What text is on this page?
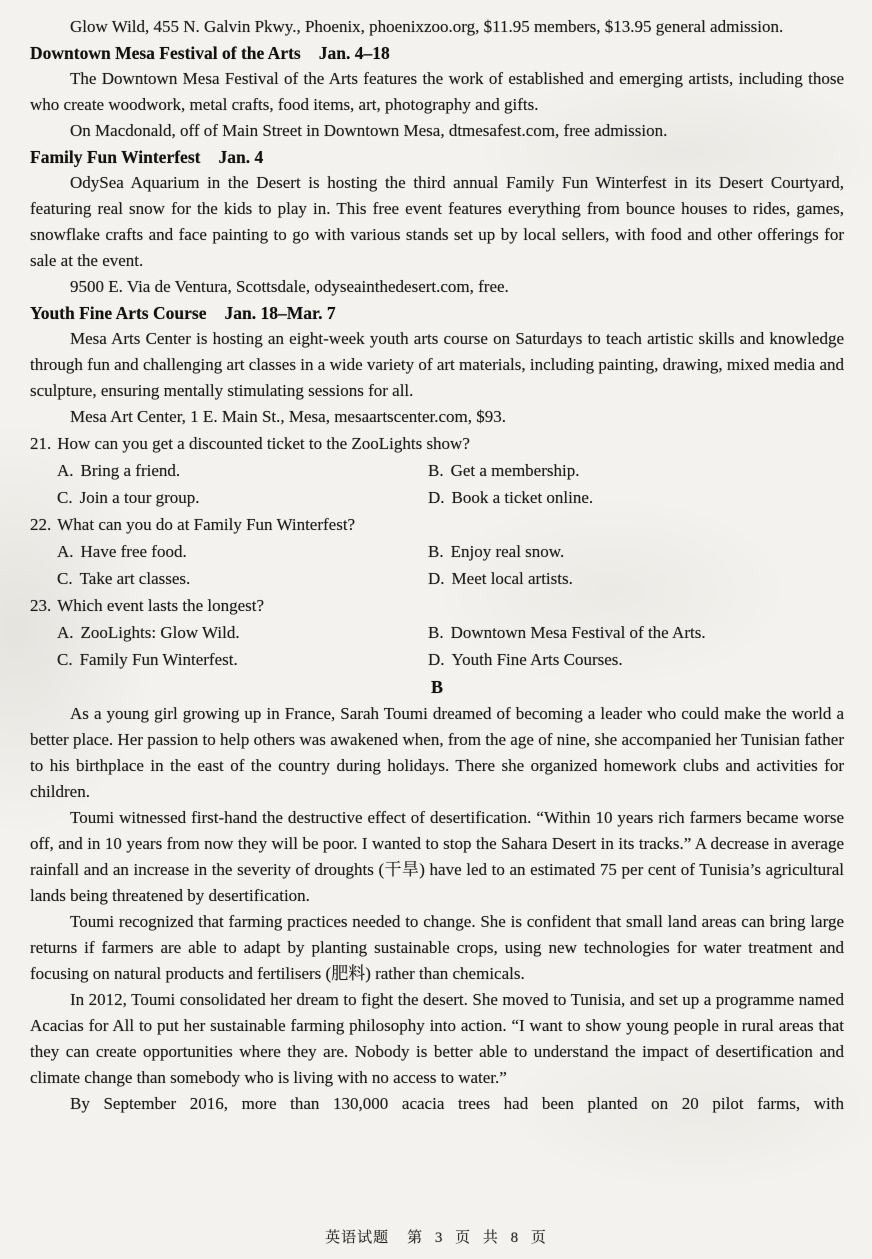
Glow Wild, 455 N. Galvin Pkwy., Phoenix, phoenixzoo.org, $11.95 members, $13.95 general admission.

Downtown Mesa Festival of the Arts Jan. 4–18

The Downtown Mesa Festival of the Arts features the work of established and emerging artists, including those who create woodwork, metal crafts, food items, art, photography and gifts.

On Macdonald, off of Main Street in Downtown Mesa, dtmesafest.com, free admission.

Family Fun Winterfest Jan. 4

OdySea Aquarium in the Desert is hosting the third annual Family Fun Winterfest in its Desert Courtyard, featuring real snow for the kids to play in. This free event features everything from bounce houses to rides, games, snowflake crafts and face painting to go with various stands set up by local sellers, with food and other offerings for sale at the event.

9500 E. Via de Ventura, Scottsdale, odyseainthedesert.com, free.

Youth Fine Arts Course Jan. 18–Mar. 7

Mesa Arts Center is hosting an eight-week youth arts course on Saturdays to teach artistic skills and knowledge through fun and challenging art classes in a wide variety of art materials, including painting, drawing, mixed media and sculpture, ensuring mentally stimulating sessions for all.

Mesa Art Center, 1 E. Main St., Mesa, mesaartscenter.com, $93.

21. How can you get a discounted ticket to the ZooLights show?

A. Bring a friend.	B. Get a membership.

C. Join a tour group.	D. Book a ticket online.

22. What can you do at Family Fun Winterfest?

A. Have free food.	B. Enjoy real snow.

C. Take art classes.	D. Meet local artists.

23. Which event lasts the longest?

A. ZooLights: Glow Wild.	B. Downtown Mesa Festival of the Arts.

C. Family Fun Winterfest.	D. Youth Fine Arts Courses.

B

As a young girl growing up in France, Sarah Toumi dreamed of becoming a leader who could make the world a better place. Her passion to help others was awakened when, from the age of nine, she accompanied her Tunisian father to his birthplace in the east of the country during holidays. There she organized homework clubs and activities for children.

Toumi witnessed first-hand the destructive effect of desertification. “Within 10 years rich farmers became worse off, and in 10 years from now they will be poor. I wanted to stop the Sahara Desert in its tracks.” A decrease in average rainfall and an increase in the severity of droughts (干旱) have led to an estimated 75 per cent of Tunisia’s agricultural lands being threatened by desertification.

Toumi recognized that farming practices needed to change. She is confident that small land areas can bring large returns if farmers are able to adapt by planting sustainable crops, using new technologies for water treatment and focusing on natural products and fertilisers (肥料) rather than chemicals.

In 2012, Toumi consolidated her dream to fight the desert. She moved to Tunisia, and set up a programme named Acacias for All to put her sustainable farming philosophy into action. “I want to show young people in rural areas that they can create opportunities where they are. Nobody is better able to understand the impact of desertification and climate change than somebody who is living with no access to water.”

By September 2016, more than 130,000 acacia trees had been planted on 20 pilot farms, with

英语试题 第 3 页 共 8 页
